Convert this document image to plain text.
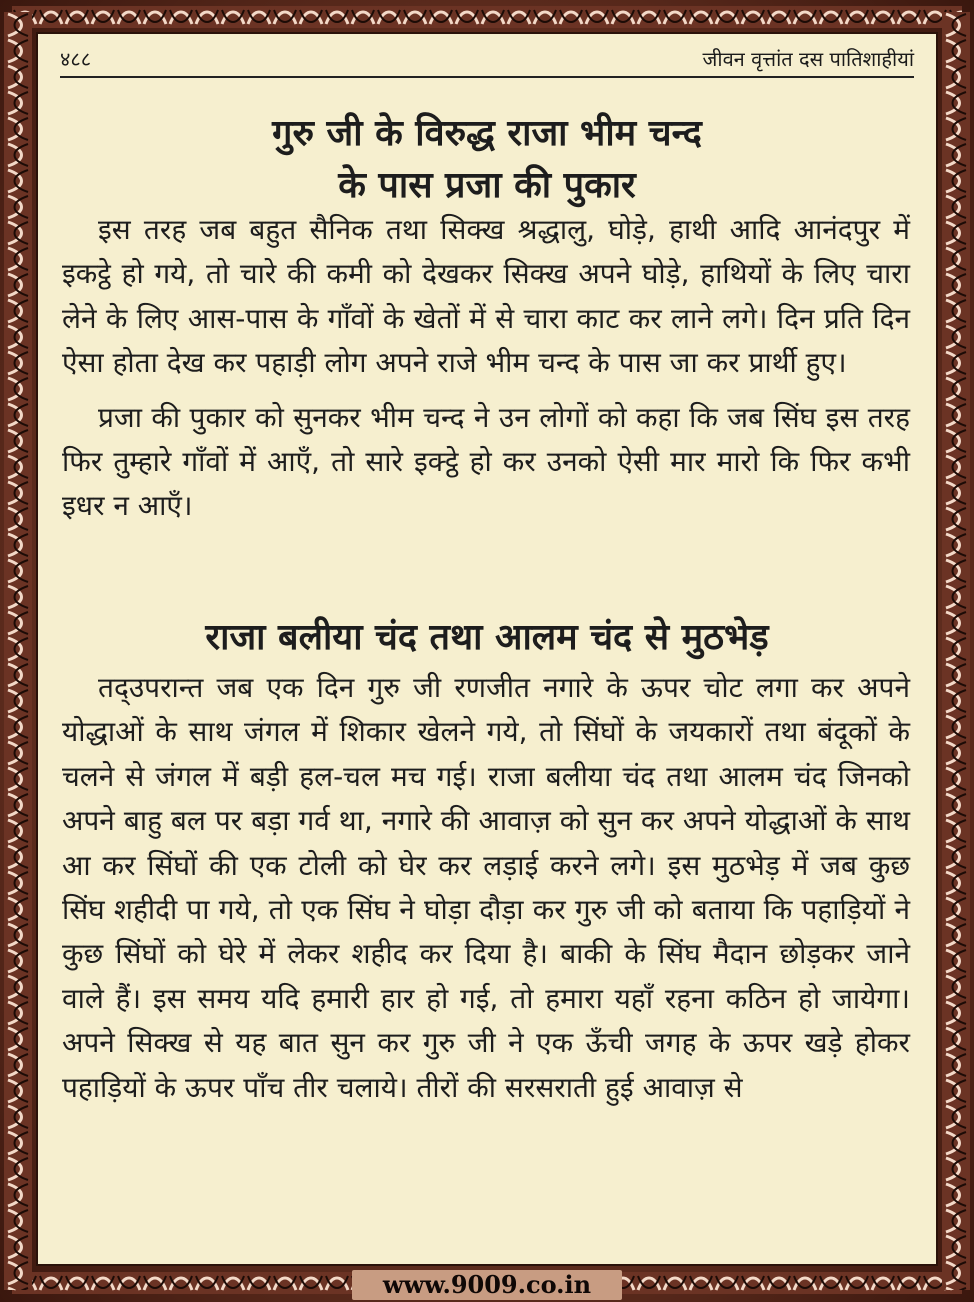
४८८	जीवन वृत्तांत दस पातिशाहीयां
गुरु जी के विरुद्ध राजा भीम चन्द
के पास प्रजा की पुकार

इस तरह जब बहुत सैनिक तथा सिक्ख श्रद्धालु, घोड़े, हाथी आदि आनंदपुर में इकट्ठे हो गये, तो चारे की कमी को देखकर सिक्ख अपने घोड़े, हाथियों के लिए चारा लेने के लिए आस-पास के गाँवों के खेतों में से चारा काट कर लाने लगे। दिन प्रति दिन ऐसा होता देख कर पहाड़ी लोग अपने राजे भीम चन्द के पास जा कर प्रार्थी हुए।

प्रजा की पुकार को सुनकर भीम चन्द ने उन लोगों को कहा कि जब सिंघ इस तरह फिर तुम्हारे गाँवों में आएँ, तो सारे इक्ट्ठे हो कर उनको ऐसी मार मारो कि फिर कभी इधर न आएँ।

राजा बलीया चंद तथा आलम चंद से मुठभेड़

तद्उपरान्त जब एक दिन गुरु जी रणजीत नगारे के ऊपर चोट लगा कर अपने योद्धाओं के साथ जंगल में शिकार खेलने गये, तो सिंघों के जयकारों तथा बंदूकों के चलने से जंगल में बड़ी हल-चल मच गई। राजा बलीया चंद तथा आलम चंद जिनको अपने बाहु बल पर बड़ा गर्व था, नगारे की आवाज़ को सुन कर अपने योद्धाओं के साथ आ कर सिंघों की एक टोली को घेर कर लड़ाई करने लगे। इस मुठभेड़ में जब कुछ सिंघ शहीदी पा गये, तो एक सिंघ ने घोड़ा दौड़ा कर गुरु जी को बताया कि पहाड़ियों ने कुछ सिंघों को घेरे में लेकर शहीद कर दिया है। बाकी के सिंघ मैदान छोड़कर जाने वाले हैं। इस समय यदि हमारी हार हो गई, तो हमारा यहाँ रहना कठिन हो जायेगा। अपने सिक्ख से यह बात सुन कर गुरु जी ने एक ऊँची जगह के ऊपर खड़े होकर पहाड़ियों के ऊपर पाँच तीर चलाये। तीरों की सरसराती हुई आवाज़ से

www.9009.co.in
